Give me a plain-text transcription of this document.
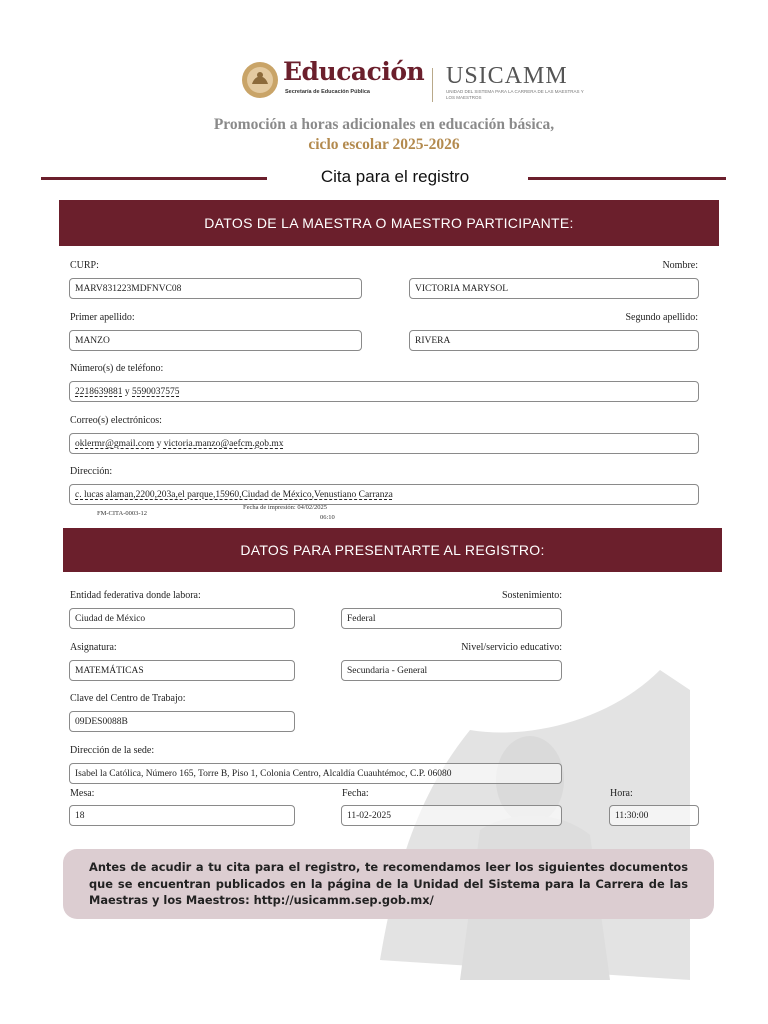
Educación
Secretaría de Educación Pública
USICAMM
UNIDAD DEL SISTEMA PARA LA CARRERA DE LAS MAESTRAS Y LOS MAESTROS
Promoción a horas adicionales en educación básica,
ciclo escolar 2025-2026
Cita para el registro
DATOS DE LA MAESTRA O MAESTRO PARTICIPANTE:
CURP:	Nombre:
MARV831223MDFNVC08	VICTORIA MARYSOL
Primer apellido:	Segundo apellido:
MANZO	RIVERA
Número(s) de teléfono:
2218639881 y 5590037575
Correo(s) electrónicos:
oklermr@gmail.com y victoria.manzo@aefcm.gob.mx
Dirección:
c. lucas alaman,2200,203a,el parque,15960,Ciudad de México,Venustiano Carranza
FM-CITA-0003-12
Fecha de impresión: 04/02/2025
06:10
DATOS PARA PRESENTARTE AL REGISTRO:
Entidad federativa donde labora:	Sostenimiento:
Ciudad de México	Federal
Asignatura:	Nivel/servicio educativo:
MATEMÁTICAS	Secundaria - General
Clave del Centro de Trabajo:
09DES0088B
Dirección de la sede:
Isabel la Católica, Número 165, Torre B, Piso 1, Colonia Centro, Alcaldía Cuauhtémoc, C.P. 06080
Mesa:	Fecha:	Hora:
18	11-02-2025	11:30:00
Antes de acudir a tu cita para el registro, te recomendamos leer los siguientes documentos que se encuentran publicados en la página de la Unidad del Sistema para la Carrera de las Maestras y los Maestros: http://usicamm.sep.gob.mx/
